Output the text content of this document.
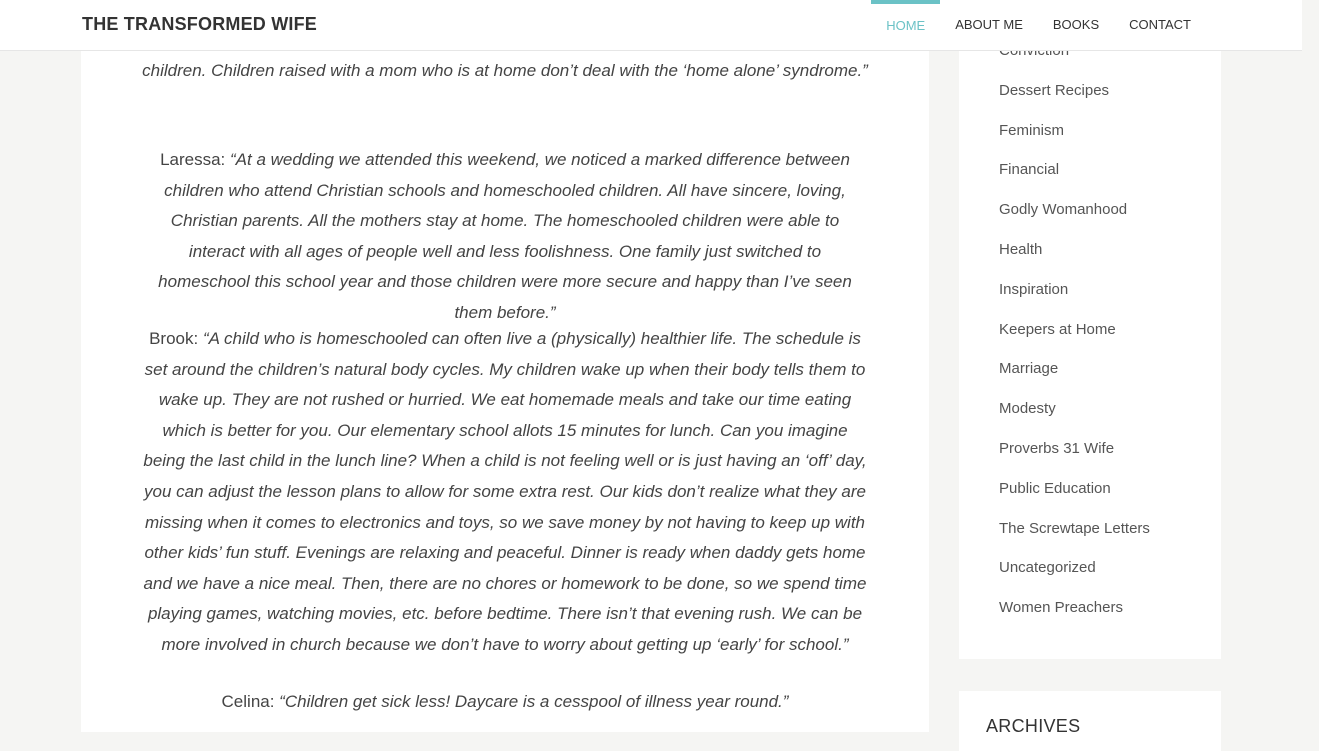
children. Children raised with a mom who is at home don’t deal with the ‘home alone’ syndrome.”

Laressa: “At a wedding we attended this weekend, we noticed a marked difference between children who attend Christian schools and homeschooled children. All have sincere, loving, Christian parents. All the mothers stay at home. The homeschooled children were able to interact with all ages of people well and less foolishness. One family just switched to homeschool this school year and those children were more secure and happy than I’ve seen them before.”

Brook: “A child who is homeschooled can often live a (physically) healthier life. The schedule is set around the children’s natural body cycles. My children wake up when their body tells them to wake up. They are not rushed or hurried. We eat homemade meals and take our time eating which is better for you. Our elementary school allots 15 minutes for lunch. Can you imagine being the last child in the lunch line? When a child is not feeling well or is just having an ‘off’ day, you can adjust the lesson plans to allow for some extra rest. Our kids don’t realize what they are missing when it comes to electronics and toys, so we save money by not having to keep up with other kids’ fun stuff. Evenings are relaxing and peaceful. Dinner is ready when daddy gets home and we have a nice meal. Then, there are no chores or homework to be done, so we spend time playing games, watching movies, etc. before bedtime. There isn’t that evening rush. We can be more involved in church because we don’t have to worry about getting up ‘early’ for school.”

Celina: “Children get sick less! Daycare is a cesspool of illness year round.”

Dessert Recipes
Feminism
Financial
Godly Womanhood
Health
Inspiration
Keepers at Home
Marriage
Modesty
Proverbs 31 Wife
Public Education
The Screwtape Letters
Uncategorized
Women Preachers
ARCHIVES
THE TRANSFORMED WIFE	HOME	ABOUT ME	BOOKS	CONTACT
